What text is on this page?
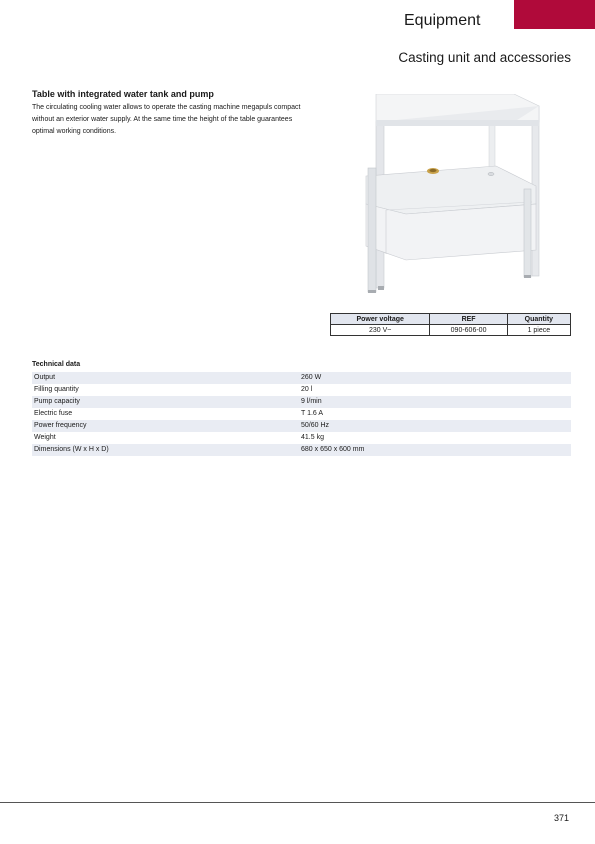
Equipment
Casting unit and accessories
Table with integrated water tank and pump
The circulating cooling water allows to operate the casting machine megapuls compact without an exterior water supply. At the same time the height of the table guarantees optimal working conditions.
Power voltage	REF	Quantity
230 V~	090-606-00	1 piece
Technical data
Output	260 W
Filling quantity	20 l
Pump capacity	9 l/min
Electric fuse	T 1.6 A
Power frequency	50/60 Hz
Weight	41.5 kg
Dimensions (W x H x D)	680 x 650 x 600 mm
371
